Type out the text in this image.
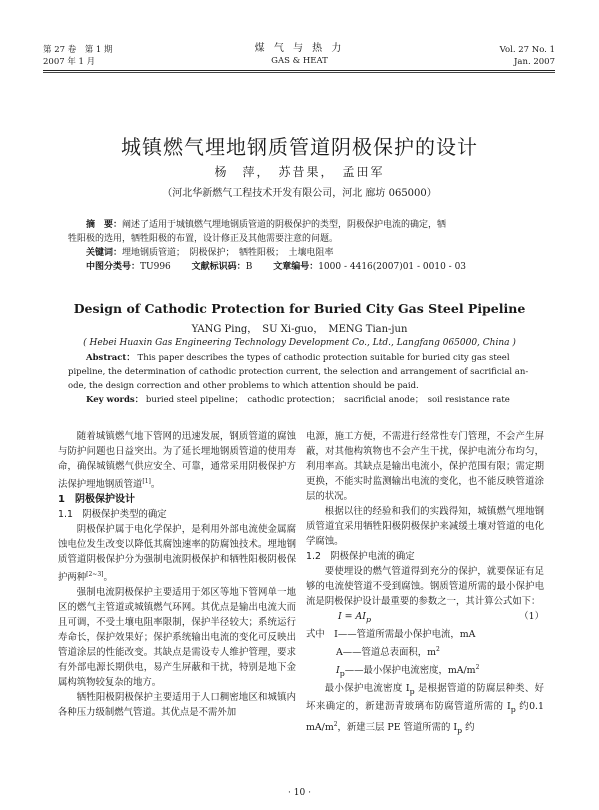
第 27 卷　第 1 期
2007 年 1 月
煤 气 与 热 力
GAS & HEAT
Vol. 27 No. 1
Jan. 2007
城镇燃气埋地钢质管道阴极保护的设计
杨　萍，　苏昔果，　孟田军
（河北华新燃气工程技术开发有限公司，河北 廊坊 065000）
摘　要：阐述了适用于城镇燃气埋地钢质管道的阴极保护的类型，阴极保护电流的确定，牺
牲阳极的选用，牺牲阳极的布置，设计修正及其他需要注意的问题。
关键词：埋地钢质管道；　阴极保护；　牺牲阳极；　土壤电阻率
中图分类号：TU996 　　 文献标识码：B 　　 文章编号：1000 - 4416(2007)01 - 0010 - 03
Design of Cathodic Protection for Buried City Gas Steel Pipeline
YANG Ping，　SU Xi-guo，　MENG Tian-jun
( Hebei Huaxin Gas Engineering Technology Development Co., Ltd., Langfang 065000, China )
Abstract： This paper describes the types of cathodic protection suitable for buried city gas steel
pipeline, the determination of cathodic protection current, the selection and arrangement of sacrificial an-
ode, the design correction and other problems to which attention should be paid.
Key words： buried steel pipeline；　cathodic protection；　sacrificial anode；　soil resistance rate

随着城镇燃气地下管网的迅速发展，钢质管道的腐蚀与防护问题也日益突出。为了延长埋地钢质管道的使用寿命，确保城镇燃气供应安全、可靠，通常采用阴极保护方法保护埋地钢质管道[1]。

1　阴极保护设计

1.1　阴极保护类型的确定

阴极保护属于电化学保护，是利用外部电流使金属腐蚀电位发生改变以降低其腐蚀速率的防腐蚀技术。埋地钢质管道阴极保护分为强制电流阴极保护和牺牲阳极阴极保护两种[2~3]。

强制电流阴极保护主要适用于郊区等地下管网单一地区的燃气主管道或城镇燃气环网。其优点是输出电流大而且可调，不受土壤电阻率限制，保护半径较大；系统运行寿命长，保护效果好；保护系统输出电流的变化可反映出管道涂层的性能改变。其缺点是需设专人维护管理，要求有外部电源长期供电，易产生屏蔽和干扰，特别是地下金属构筑物较复杂的地方。

牺牲阳极阴极保护主要适用于人口稠密地区和城镇内各种压力级制燃气管道。其优点是不需外加

电源，施工方便，不需进行经常性专门管理，不会产生屏蔽，对其他构筑物也不会产生干扰，保护电流分布均匀，利用率高。其缺点是输出电流小，保护范围有限；需定期更换，不能实时监测输出电流的变化，也不能反映管道涂层的状况。

根据以往的经验和我们的实践得知，城镇燃气埋地钢质管道宜采用牺牲阳极阴极保护来减缓土壤对管道的电化学腐蚀。

1.2　阴极保护电流的确定

要使埋设的燃气管道得到充分的保护，就要保证有足够的电流使管道不受到腐蚀。钢质管道所需的最小保护电流是阴极保护设计最重要的参数之一，其计算公式如下：

$I = AI_p$	（1）

式中　 I——管道所需最小保护电流，mA

A——管道总表面积，$m^2$

$I_p——$最小保护电流密度，$mA/m^2$

最小保护电流密度 $I_p$ 是根据管道的防腐层种类、好坏来确定的，新建沥青玻璃布防腐管道所需的 $I_p$ 约0.1 $mA/m^2$，新建三层 PE 管道所需的 $I_p$ 约

· 10 ·
